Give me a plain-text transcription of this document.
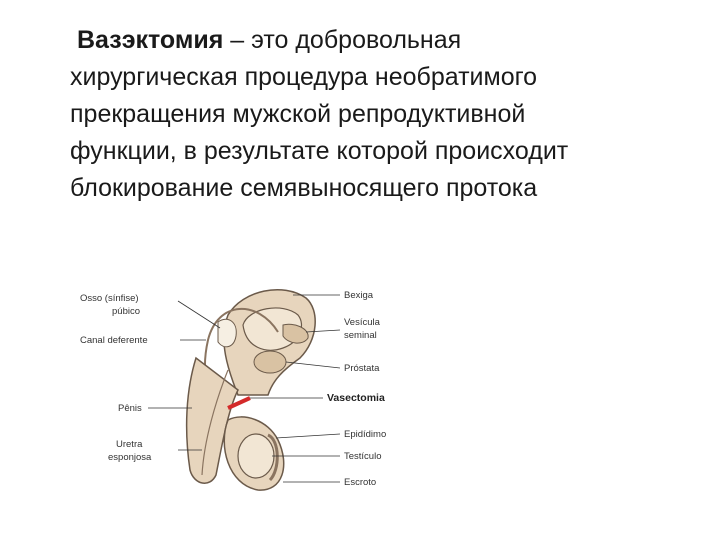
Вазэктомия – это добровольная
хирургическая процедура необратимого
прекращения мужской репродуктивной
функции, в результате которой происходит
блокирование семявыносящего протока
Osso (sínfise)
púbico
Canal deferente
Pênis
Uretra
esponjosa
Bexiga
Vesícula
seminal
Próstata
Vasectomia
Epidídimo
Testículo
Escroto
